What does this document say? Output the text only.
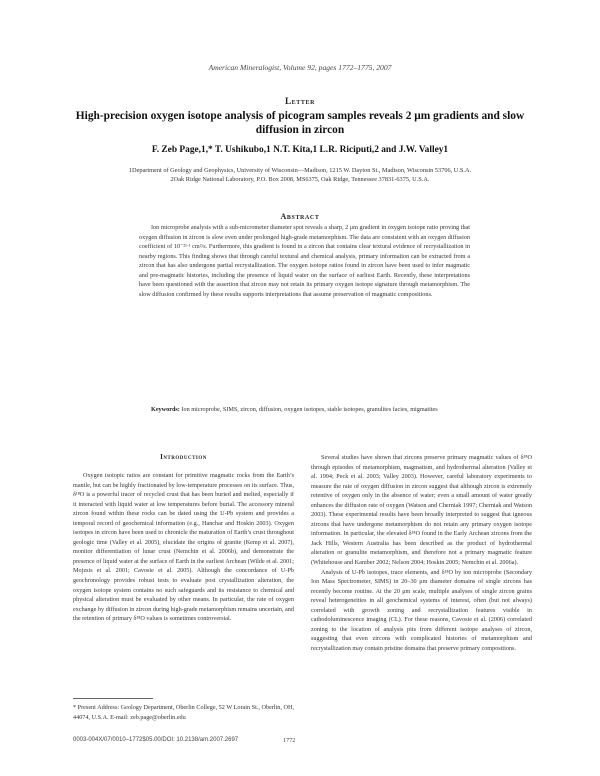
American Mineralogist, Volume 92, pages 1772–1775, 2007
Letter
High-precision oxygen isotope analysis of picogram samples reveals 2 μm gradients and slow diffusion in zircon
F. Zeb Page,1,* T. Ushikubo,1 N.T. Kita,1 L.R. Riciputi,2 and J.W. Valley1
1Department of Geology and Geophysics, University of Wisconsin—Madison, 1215 W. Dayton St., Madison, Wisconsin 53706, U.S.A.
2Oak Ridge National Laboratory, P.O. Box 2008, MS6375, Oak Ridge, Tennessee 37831-6375, U.S.A.
Abstract
Ion microprobe analysis with a sub-micrometer diameter spot reveals a sharp, 2 μm gradient in oxygen isotope ratio proving that oxygen diffusion in zircon is slow even under prolonged high-grade metamorphism. The data are consistent with an oxygen diffusion coefficient of 10⁻²¹ᐧ¹ cm²/s. Furthermore, this gradient is found in a zircon that contains clear textural evidence of recrystallization in nearby regions. This finding shows that through careful textural and chemical analysis, primary information can be extracted from a zircon that has also undergone partial recrystallization. The oxygen isotope ratios found in zircon have been used to infer magmatic and pre-magmatic histories, including the presence of liquid water on the surface of earliest Earth. Recently, these interpretations have been questioned with the assertion that zircon may not retain its primary oxygen isotope signature through metamorphism. The slow diffusion confirmed by these results supports interpretations that assume preservation of magmatic compositions.
Keywords: Ion microprobe, SIMS, zircon, diffusion, oxygen isotopes, stable isotopes, granulites facies, migmatites
Introduction

Oxygen isotopic ratios are constant for primitive magmatic rocks from the Earth’s mantle, but can be highly fractionated by low-temperature processes on its surface. Thus, δ¹⁸O is a powerful tracer of recycled crust that has been buried and melted, especially if it interacted with liquid water at low temperatures before burial. The accessory mineral zircon found within these rocks can be dated using the U-Pb system and provides a temporal record of geochemical information (e.g., Hanchar and Hoskin 2003). Oxygen isotopes in zircon have been used to chronicle the maturation of Earth’s crust throughout geologic time (Valley et al. 2005), elucidate the origins of granite (Kemp et al. 2007), monitor differentiation of lunar crust (Nemchin et al. 2006b), and demonstrate the presence of liquid water at the surface of Earth in the earliest Archean (Wilde et al. 2001; Mojzsis et al. 2001; Cavosie et al. 2005). Although the concordance of U-Pb geochronology provides robust tests to evaluate post crystallization alteration, the oxygen isotope system contains no such safeguards and its resistance to chemical and physical alteration must be evaluated by other means. In particular, the rate of oxygen exchange by diffusion in zircon during high-grade metamorphism remains uncertain, and the retention of primary δ¹⁸O values is sometimes controversial.

Several studies have shown that zircons preserve primary magmatic values of δ¹⁸O through episodes of metamorphism, magmatism, and hydrothermal alteration (Valley et al. 1994; Peck et al. 2003; Valley 2003). However, careful laboratory experiments to measure the rate of oxygen diffusion in zircon suggest that although zircon is extremely retentive of oxygen only in the absence of water; even a small amount of water greatly enhances the diffusion rate of oxygen (Watson and Cherniak 1997; Cherniak and Watson 2003). These experimental results have been broadly interpreted to suggest that igneous zircons that have undergone metamorphism do not retain any primary oxygen isotope information. In particular, the elevated δ¹⁸O found in the Early Archean zircons from the Jack Hills, Western Australia has been described as the product of hydrothermal alteration or granulite metamorphism, and therefore not a primary magmatic feature (Whitehouse and Kamber 2002; Nelson 2004; Hoskin 2005; Nemchin et al. 2006a).

Analysis of U-Pb isotopes, trace elements, and δ¹⁸O by ion microprobe (Secondary Ion Mass Spectrometer, SIMS) in 20–30 μm diameter domains of single zircons has recently become routine. At the 20 μm scale, multiple analyses of single zircon grains reveal heterogeneities in all geochemical systems of interest, often (but not always) correlated with growth zoning and recrystallization features visible in cathodoluminescence imaging (CL). For these reasons, Cavosie et al. (2006) correlated zoning to the location of analysis pits from different isotope analyses of zircon, suggesting that even zircons with complicated histories of metamorphism and recrystallization may contain pristine domains that preserve primary compositions.

* Present Address: Geology Department, Oberlin College, 52 W Lorain St., Oberlin, OH, 44074, U.S.A. E-mail: zeb.page@oberlin.edu
0003-004X/07/0010–1772$05.00/DOI: 10.2138/am.2007.2697	1772
